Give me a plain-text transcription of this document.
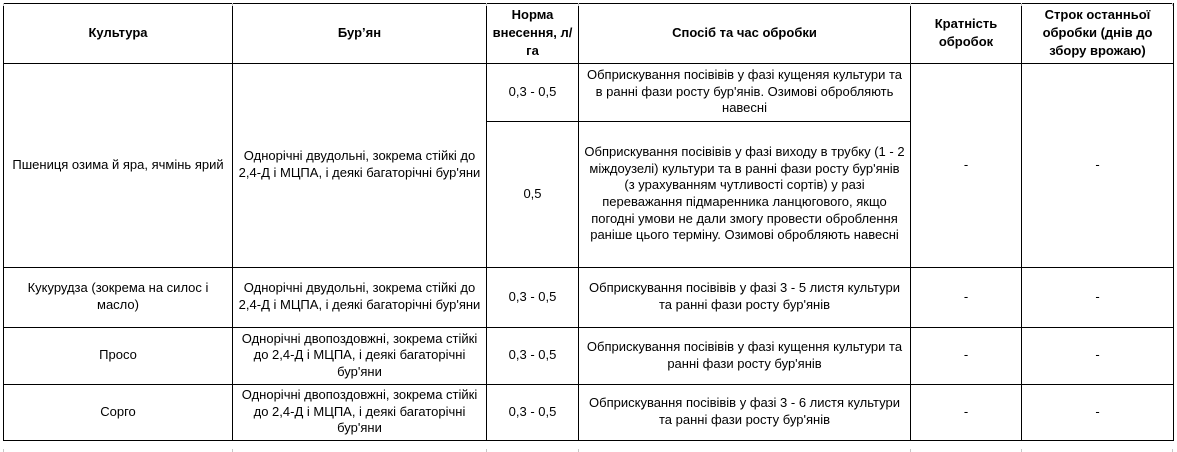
Культура	Бур’ян	Норма внесення, л/га	Спосіб та час обробки	Кратність обробок	Строк останньої обробки (днів до збору врожаю)
Пшениця озима й яра, ячмінь ярий	Однорічні двудольні, зокрема стійкі до 2,4-Д і МЦПА, і деякі багаторічні бур'яни	0,3 - 0,5	Обприскування посівівів у фазі кущеняя культури та в ранні фази росту бур'янів. Озимові обробляють навесні	-	-
		0,5	Обприскування посівівів у фазі виходу в трубку (1 - 2 міждоузелі) культури та в ранні фази росту бур'янів (з урахуванням чутливості сортів) у разі переважання підмаренника ланцюгового, якщо погодні умови не дали змогу провести оброблення раніше цього терміну. Озимові обробляють навесні		
Кукурудза (зокрема на силос і масло)	Однорічні двудольні, зокрема стійкі до 2,4-Д і МЦПА, і деякі багаторічні бур'яни	0,3 - 0,5	Обприскування посівівів у фазі 3 - 5 листя культури та ранні фази росту бур'янів	-	-
Просо	Однорічні двопоздовжні, зокрема стійкі до 2,4-Д і МЦПА, і деякі багаторічні бур'яни	0,3 - 0,5	Обприскування посівівів у фазі кущення культури та ранні фази росту бур'янів	-	-
Сорго	Однорічні двопоздовжні, зокрема стійкі до 2,4-Д і МЦПА, і деякі багаторічні бур'яни	0,3 - 0,5	Обприскування посівівів у фазі 3 - 6 листя культури та ранні фази росту бур'янів	-	-
